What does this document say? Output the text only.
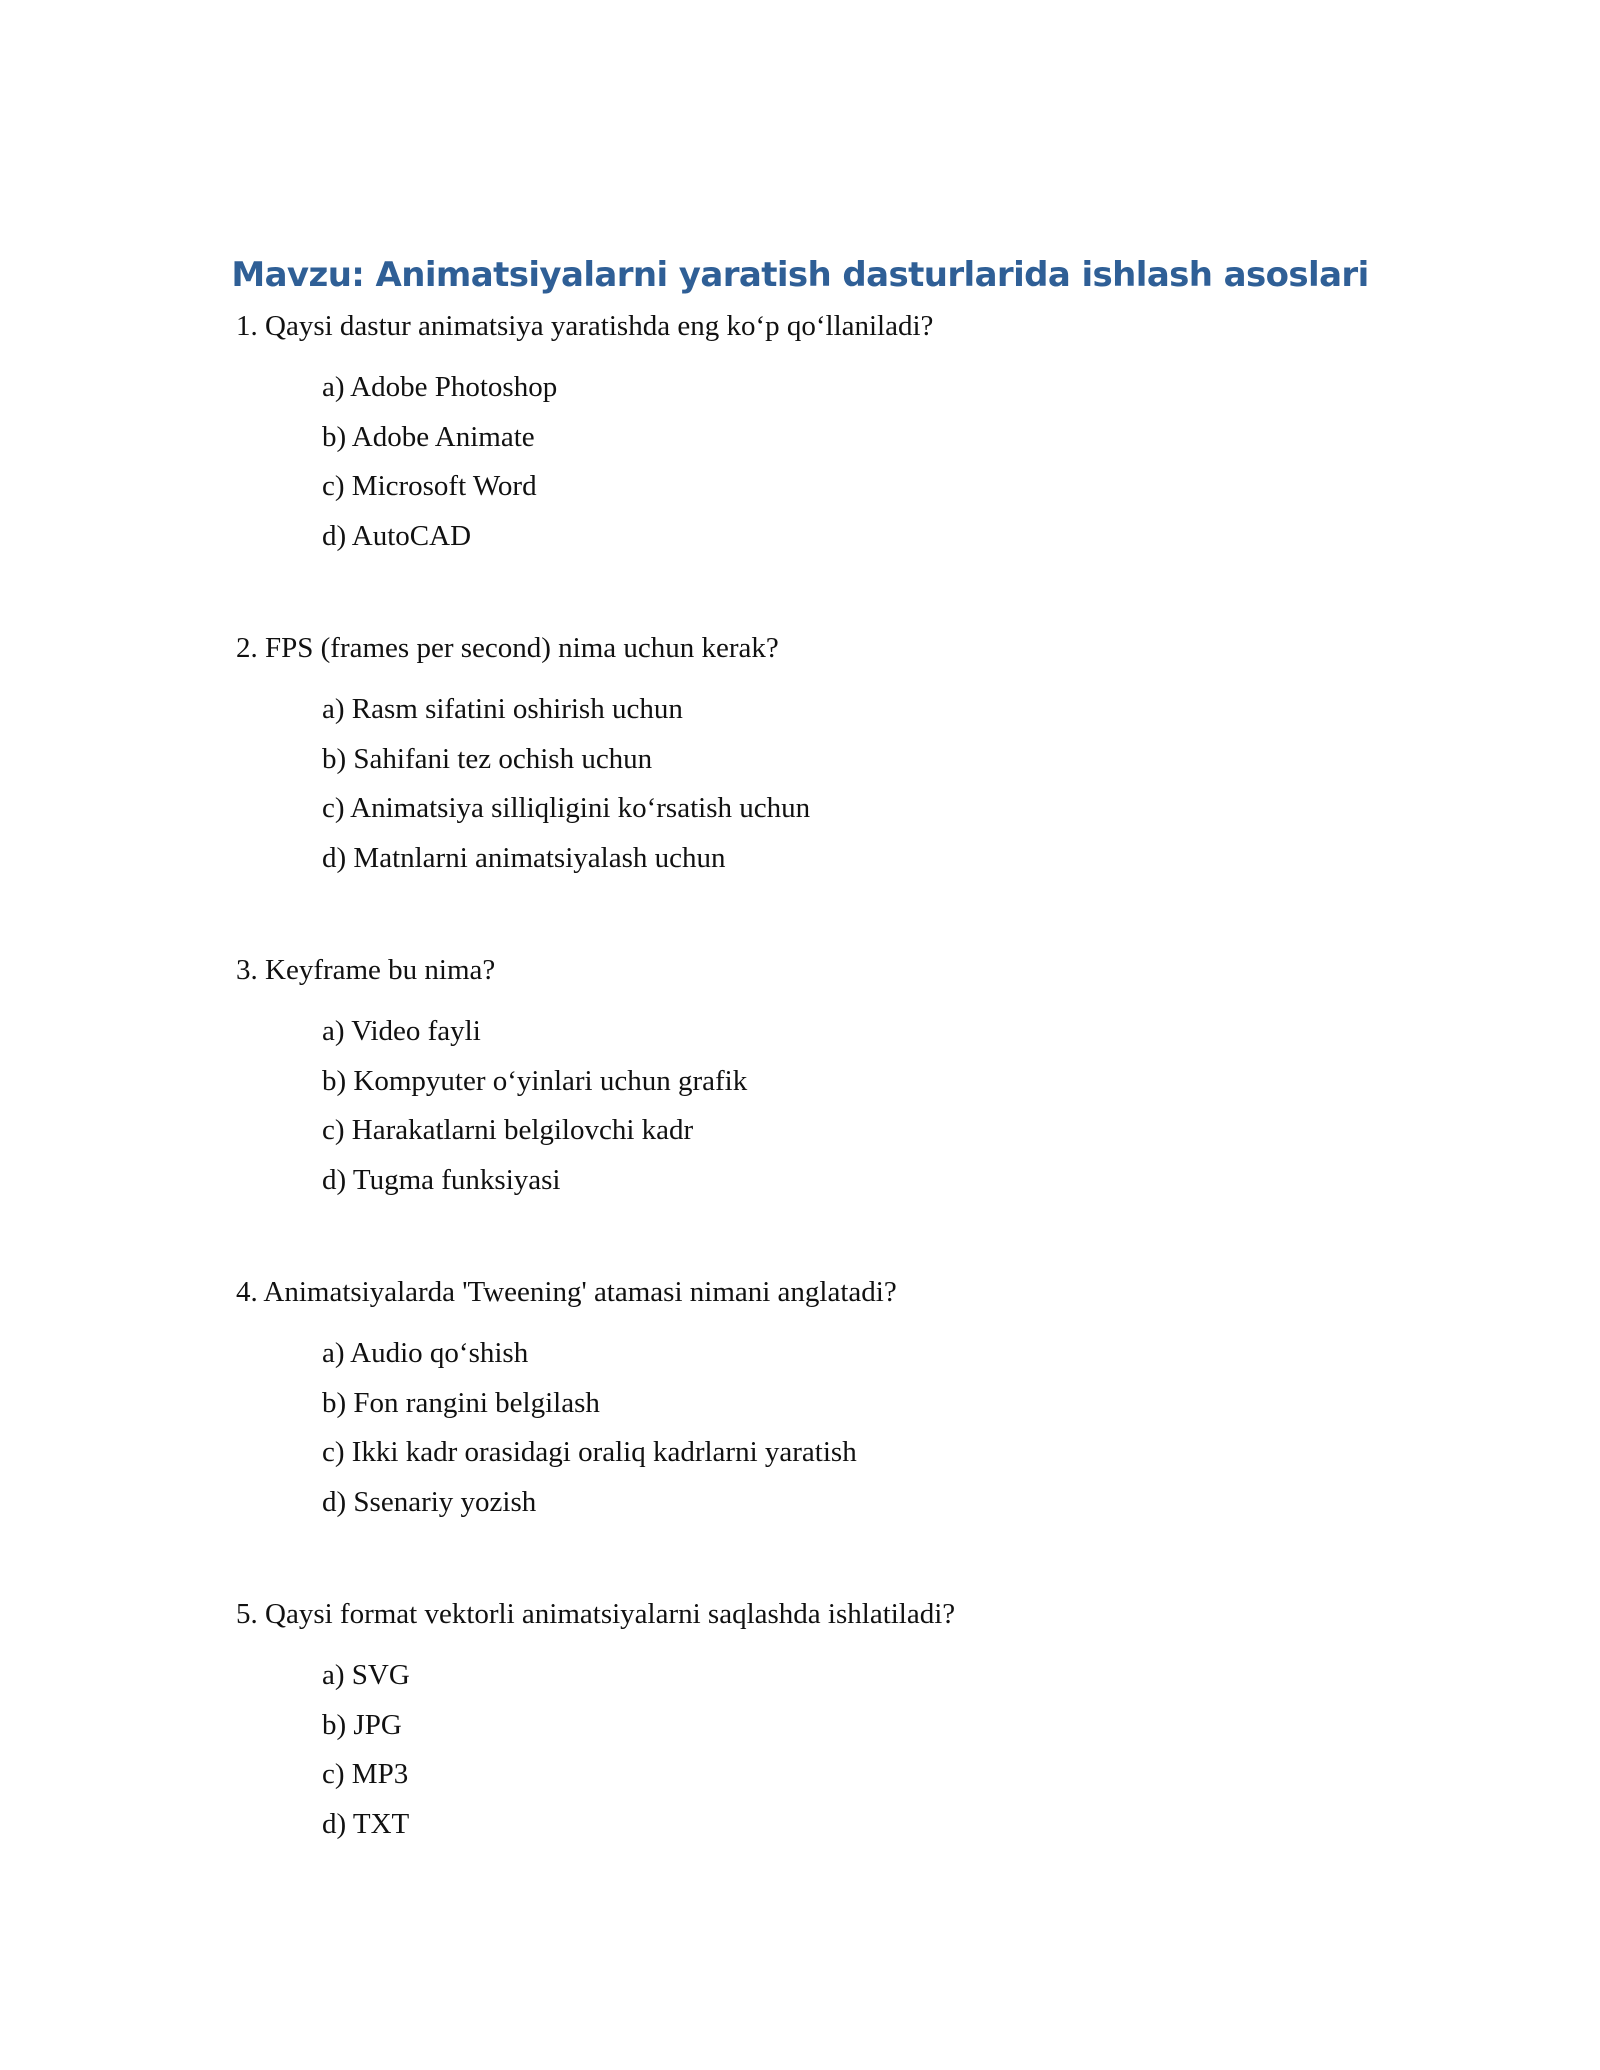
Mavzu: Animatsiyalarni yaratish dasturlarida ishlash asoslari
1. Qaysi dastur animatsiya yaratishda eng ko‘p qo‘llaniladi?
a) Adobe Photoshop
b) Adobe Animate
c) Microsoft Word
d) AutoCAD
2. FPS (frames per second) nima uchun kerak?
a) Rasm sifatini oshirish uchun
b) Sahifani tez ochish uchun
c) Animatsiya silliqligini ko‘rsatish uchun
d) Matnlarni animatsiyalash uchun
3. Keyframe bu nima?
a) Video fayli
b) Kompyuter o‘yinlari uchun grafik
c) Harakatlarni belgilovchi kadr
d) Tugma funksiyasi
4. Animatsiyalarda 'Tweening' atamasi nimani anglatadi?
a) Audio qo‘shish
b) Fon rangini belgilash
c) Ikki kadr orasidagi oraliq kadrlarni yaratish
d) Ssenariy yozish
5. Qaysi format vektorli animatsiyalarni saqlashda ishlatiladi?
a) SVG
b) JPG
c) MP3
d) TXT
